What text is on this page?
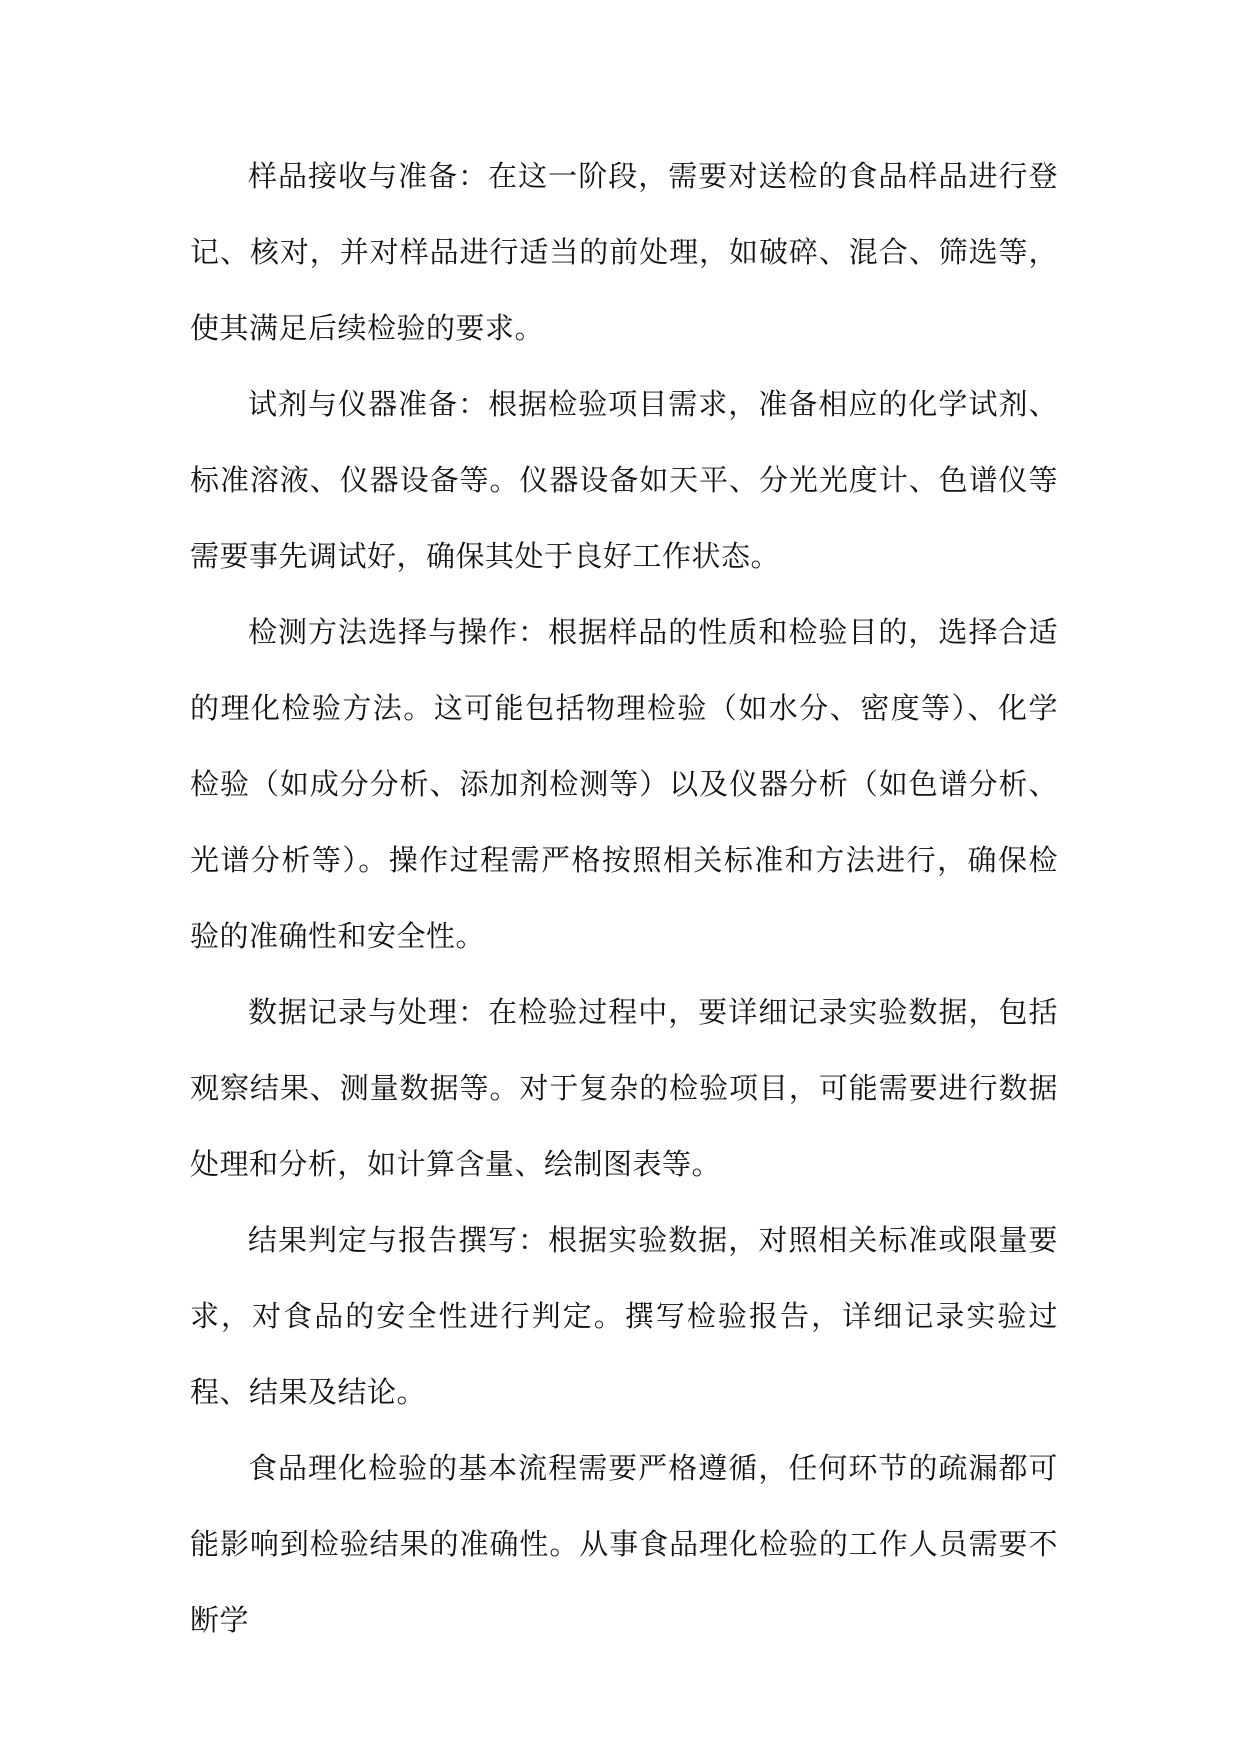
样品接收与准备：在这一阶段，需要对送检的食品样品进行登记、核对，并对样品进行适当的前处理，如破碎、混合、筛选等，使其满足后续检验的要求。

试剂与仪器准备：根据检验项目需求，准备相应的化学试剂、标准溶液、仪器设备等。仪器设备如天平、分光光度计、色谱仪等需要事先调试好，确保其处于良好工作状态。

检测方法选择与操作：根据样品的性质和检验目的，选择合适的理化检验方法。这可能包括物理检验（如水分、密度等）、化学检验（如成分分析、添加剂检测等）以及仪器分析（如色谱分析、光谱分析等）。操作过程需严格按照相关标准和方法进行，确保检验的准确性和安全性。

数据记录与处理：在检验过程中，要详细记录实验数据，包括观察结果、测量数据等。对于复杂的检验项目，可能需要进行数据处理和分析，如计算含量、绘制图表等。

结果判定与报告撰写：根据实验数据，对照相关标准或限量要求，对食品的安全性进行判定。撰写检验报告，详细记录实验过程、结果及结论。

食品理化检验的基本流程需要严格遵循，任何环节的疏漏都可能影响到检验结果的准确性。从事食品理化检验的工作人员需要不断学
